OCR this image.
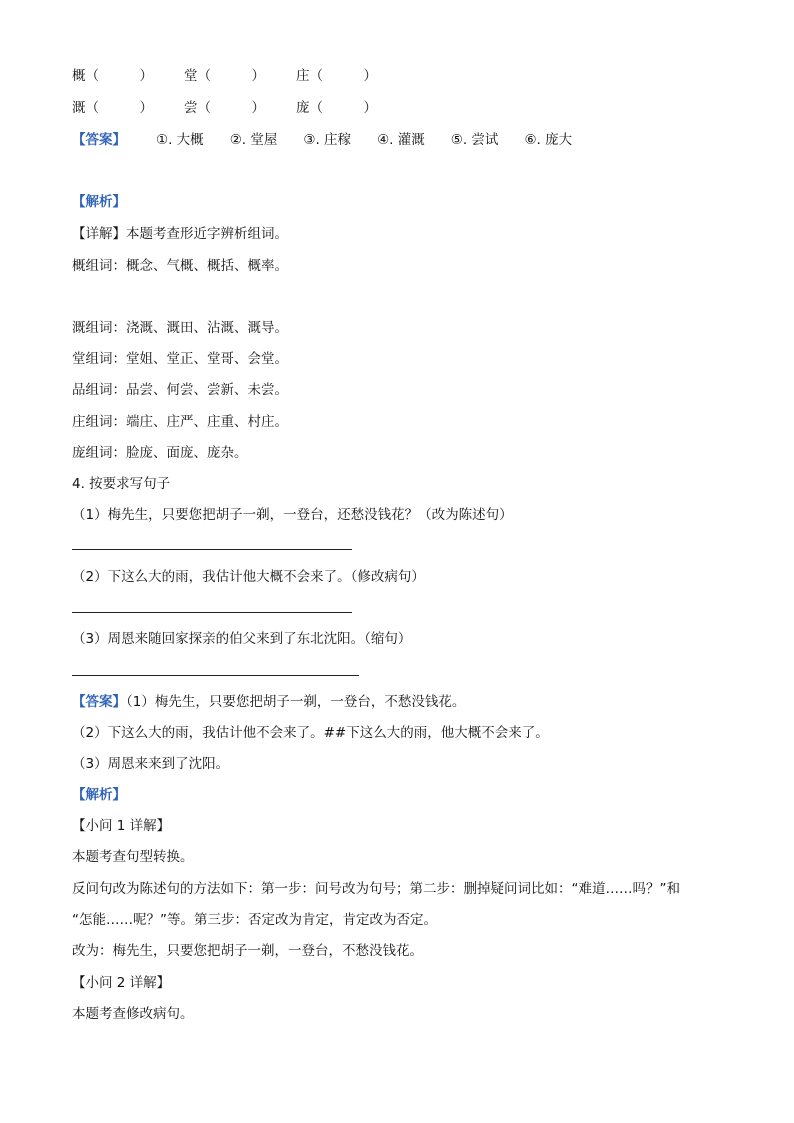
概（　　　） 堂（　　　） 庄（　　　）
溉（　　　） 尝（　　　） 庞（　　　）
【答案】 ①. 大概 ②. 堂屋 ③. 庄稼 ④. 灌溉 ⑤. 尝试 ⑥. 庞大
【解析】
【详解】本题考查形近字辨析组词。
概组词：概念、气概、概括、概率。
溉组词：浇溉、溉田、沾溉、溉导。
堂组词：堂姐、堂正、堂哥、会堂。
品组词：品尝、何尝、尝新、未尝。
庄组词：端庄、庄严、庄重、村庄。
庞组词：脸庞、面庞、庞杂。
4. 按要求写句子
（1）梅先生，只要您把胡子一剃，一登台，还愁没钱花？（改为陈述句）
（2）下这么大的雨，我估计他大概不会来了。（修改病句）
（3）周恩来随回家探亲的伯父来到了东北沈阳。（缩句）
【答案】（1）梅先生，只要您把胡子一剃，一登台，不愁没钱花。
（2）下这么大的雨，我估计他不会来了。##下这么大的雨，他大概不会来了。
（3）周恩来来到了沈阳。
【解析】
【小问 1 详解】
本题考查句型转换。
反问句改为陈述句的方法如下：第一步：问号改为句号；第二步：删掉疑问词比如：“难道……吗？”和
“怎能……呢？”等。第三步：否定改为肯定，肯定改为否定。
改为：梅先生，只要您把胡子一剃，一登台，不愁没钱花。
【小问 2 详解】
本题考查修改病句。
